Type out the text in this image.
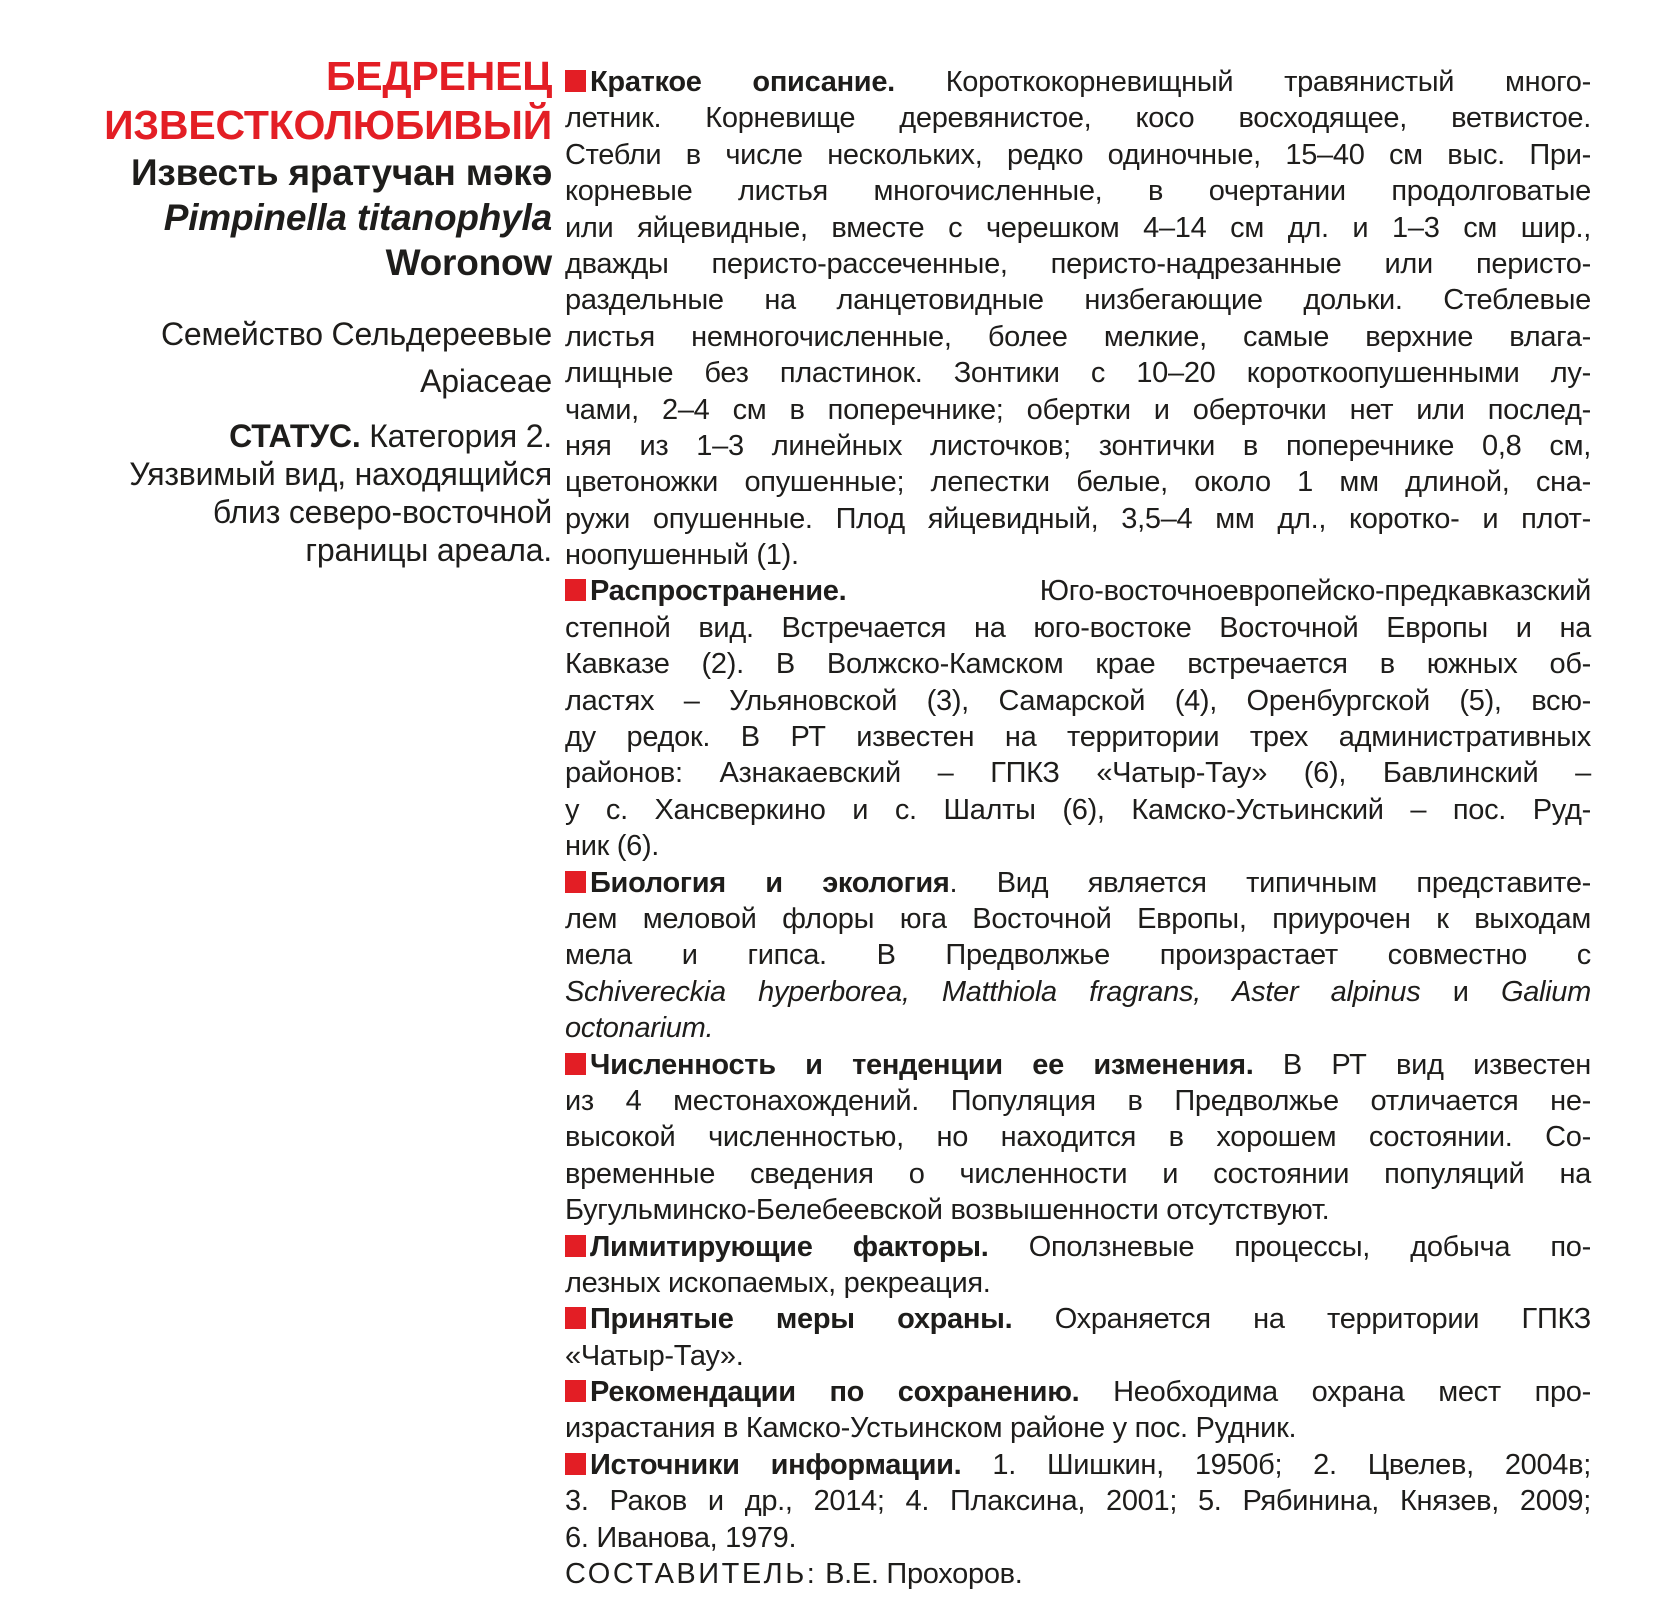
БЕДРЕНЕЦ
ИЗВЕСТКОЛЮБИВЫЙ
Известь яратучан мәкә
Pimpinella titanophyla
Woronow
Семейство Сельдереевые
Apiaceae
СТАТУС. Категория 2.
Уязвимый вид, находящийся
близ северо-восточной
границы ареала.
Краткое описание. Короткокорневищный травянистый много-
летник. Корневище деревянистое, косо восходящее, ветвистое.
Стебли в числе нескольких, редко одиночные, 15–40 см выс. При-
корневые листья многочисленные, в очертании продолговатые
или яйцевидные, вместе с черешком 4–14 см дл. и 1–3 см шир.,
дважды перисто-рассеченные, перисто-надрезанные или перисто-
раздельные на ланцетовидные низбегающие дольки. Стеблевые
листья немногочисленные, более мелкие, самые верхние влага-
лищные без пластинок. Зонтики с 10–20 короткоопушенными лу-
чами, 2–4 см в поперечнике; обертки и оберточки нет или послед-
няя из 1–3 линейных листочков; зонтички в поперечнике 0,8 см,
цветоножки опушенные; лепестки белые, около 1 мм длиной, сна-
ружи опушенные. Плод яйцевидный, 3,5–4 мм дл., коротко- и плот-
ноопушенный (1).
Распространение. Юго-восточноевропейско-предкавказский
степной вид. Встречается на юго-востоке Восточной Европы и на
Кавказе (2). В Волжско-Камском крае встречается в южных об-
ластях – Ульяновской (3), Самарской (4), Оренбургской (5), всю-
ду редок. В РТ известен на территории трех административных
районов: Азнакаевский – ГПКЗ «Чатыр-Тау» (6), Бавлинский –
у с. Хансверкино и с. Шалты (6), Камско-Устьинский – пос. Руд-
ник (6).
Биология и экология. Вид является типичным представите-
лем меловой флоры юга Восточной Европы, приурочен к выходам
мела и гипса. В Предволжье произрастает совместно с
Schivereckia hyperborea, Matthiola fragrans, Aster alpinus и Galium
octonarium.
Численность и тенденции ее изменения. В РТ вид известен
из 4 местонахождений. Популяция в Предволжье отличается не-
высокой численностью, но находится в хорошем состоянии. Со-
временные сведения о численности и состоянии популяций на
Бугульминско-Белебеевской возвышенности отсутствуют.
Лимитирующие факторы. Оползневые процессы, добыча по-
лезных ископаемых, рекреация.
Принятые меры охраны. Охраняется на территории ГПКЗ
«Чатыр-Тау».
Рекомендации по сохранению. Необходима охрана мест про-
израстания в Камско-Устьинском районе у пос. Рудник.
Источники информации. 1. Шишкин, 1950б; 2. Цвелев, 2004в;
3. Раков и др., 2014; 4. Плаксина, 2001; 5. Рябинина, Князев, 2009;
6. Иванова, 1979.
СОСТАВИТЕЛЬ: В.Е. Прохоров.
